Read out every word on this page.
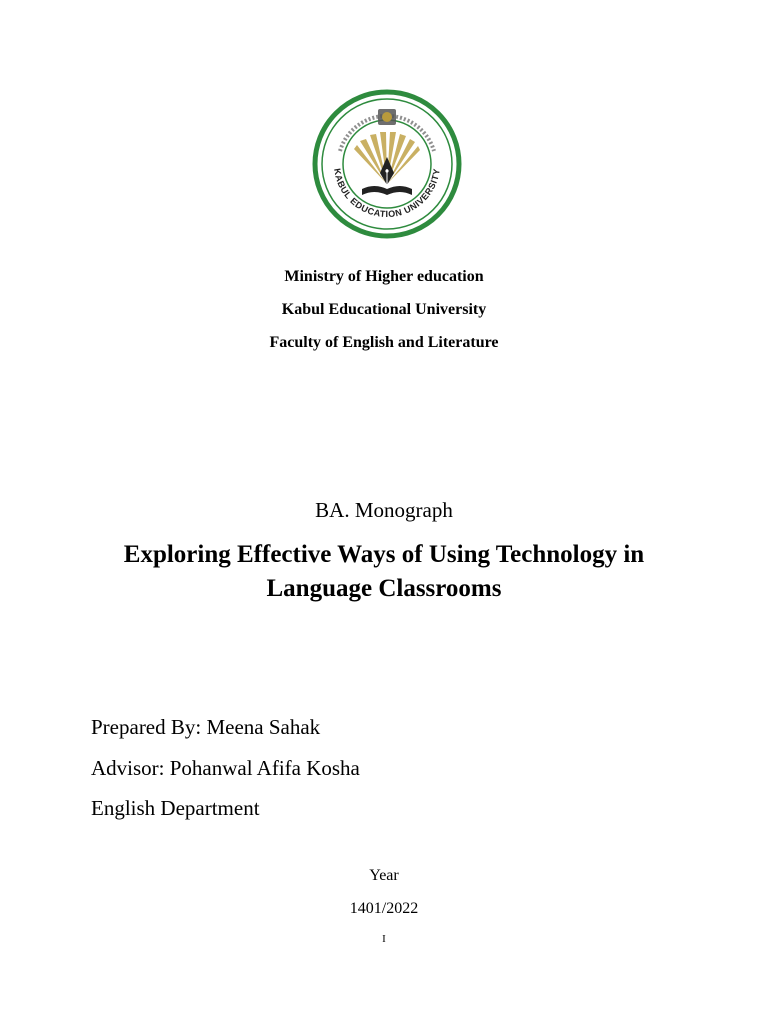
KABUL EDUCATION UNIVERSITY
Ministry of Higher education
Kabul Educational University
Faculty of English and Literature
BA. Monograph
Exploring Effective Ways of Using Technology in
Language Classrooms
Prepared By: Meena Sahak
Advisor: Pohanwal Afifa Kosha
English Department
Year
1401/2022
I
